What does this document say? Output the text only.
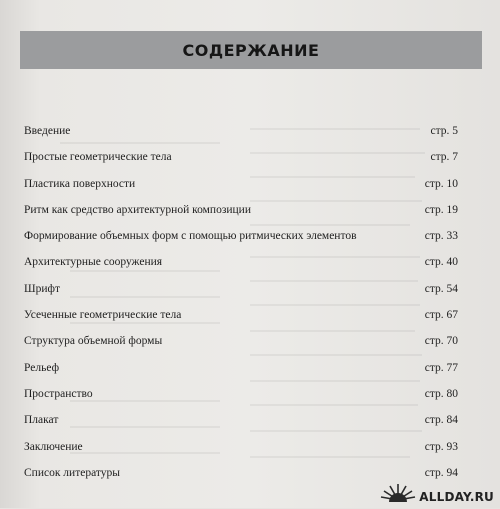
СОДЕРЖАНИЕ
Введение	стр. 5
Простые геометрические тела	стр. 7
Пластика поверхности	стр. 10
Ритм как средство архитектурной композиции	стр. 19
Формирование объемных форм с помощью ритмических элементов	стр. 33
Архитектурные сооружения	стр. 40
Шрифт	стр. 54
Усеченные геометрические тела	стр. 67
Структура объемной формы	стр. 70
Рельеф	стр. 77
Пространство	стр. 80
Плакат	стр. 84
Заключение	стр. 93
Список литературы	стр. 94
ALLDAY.RU
